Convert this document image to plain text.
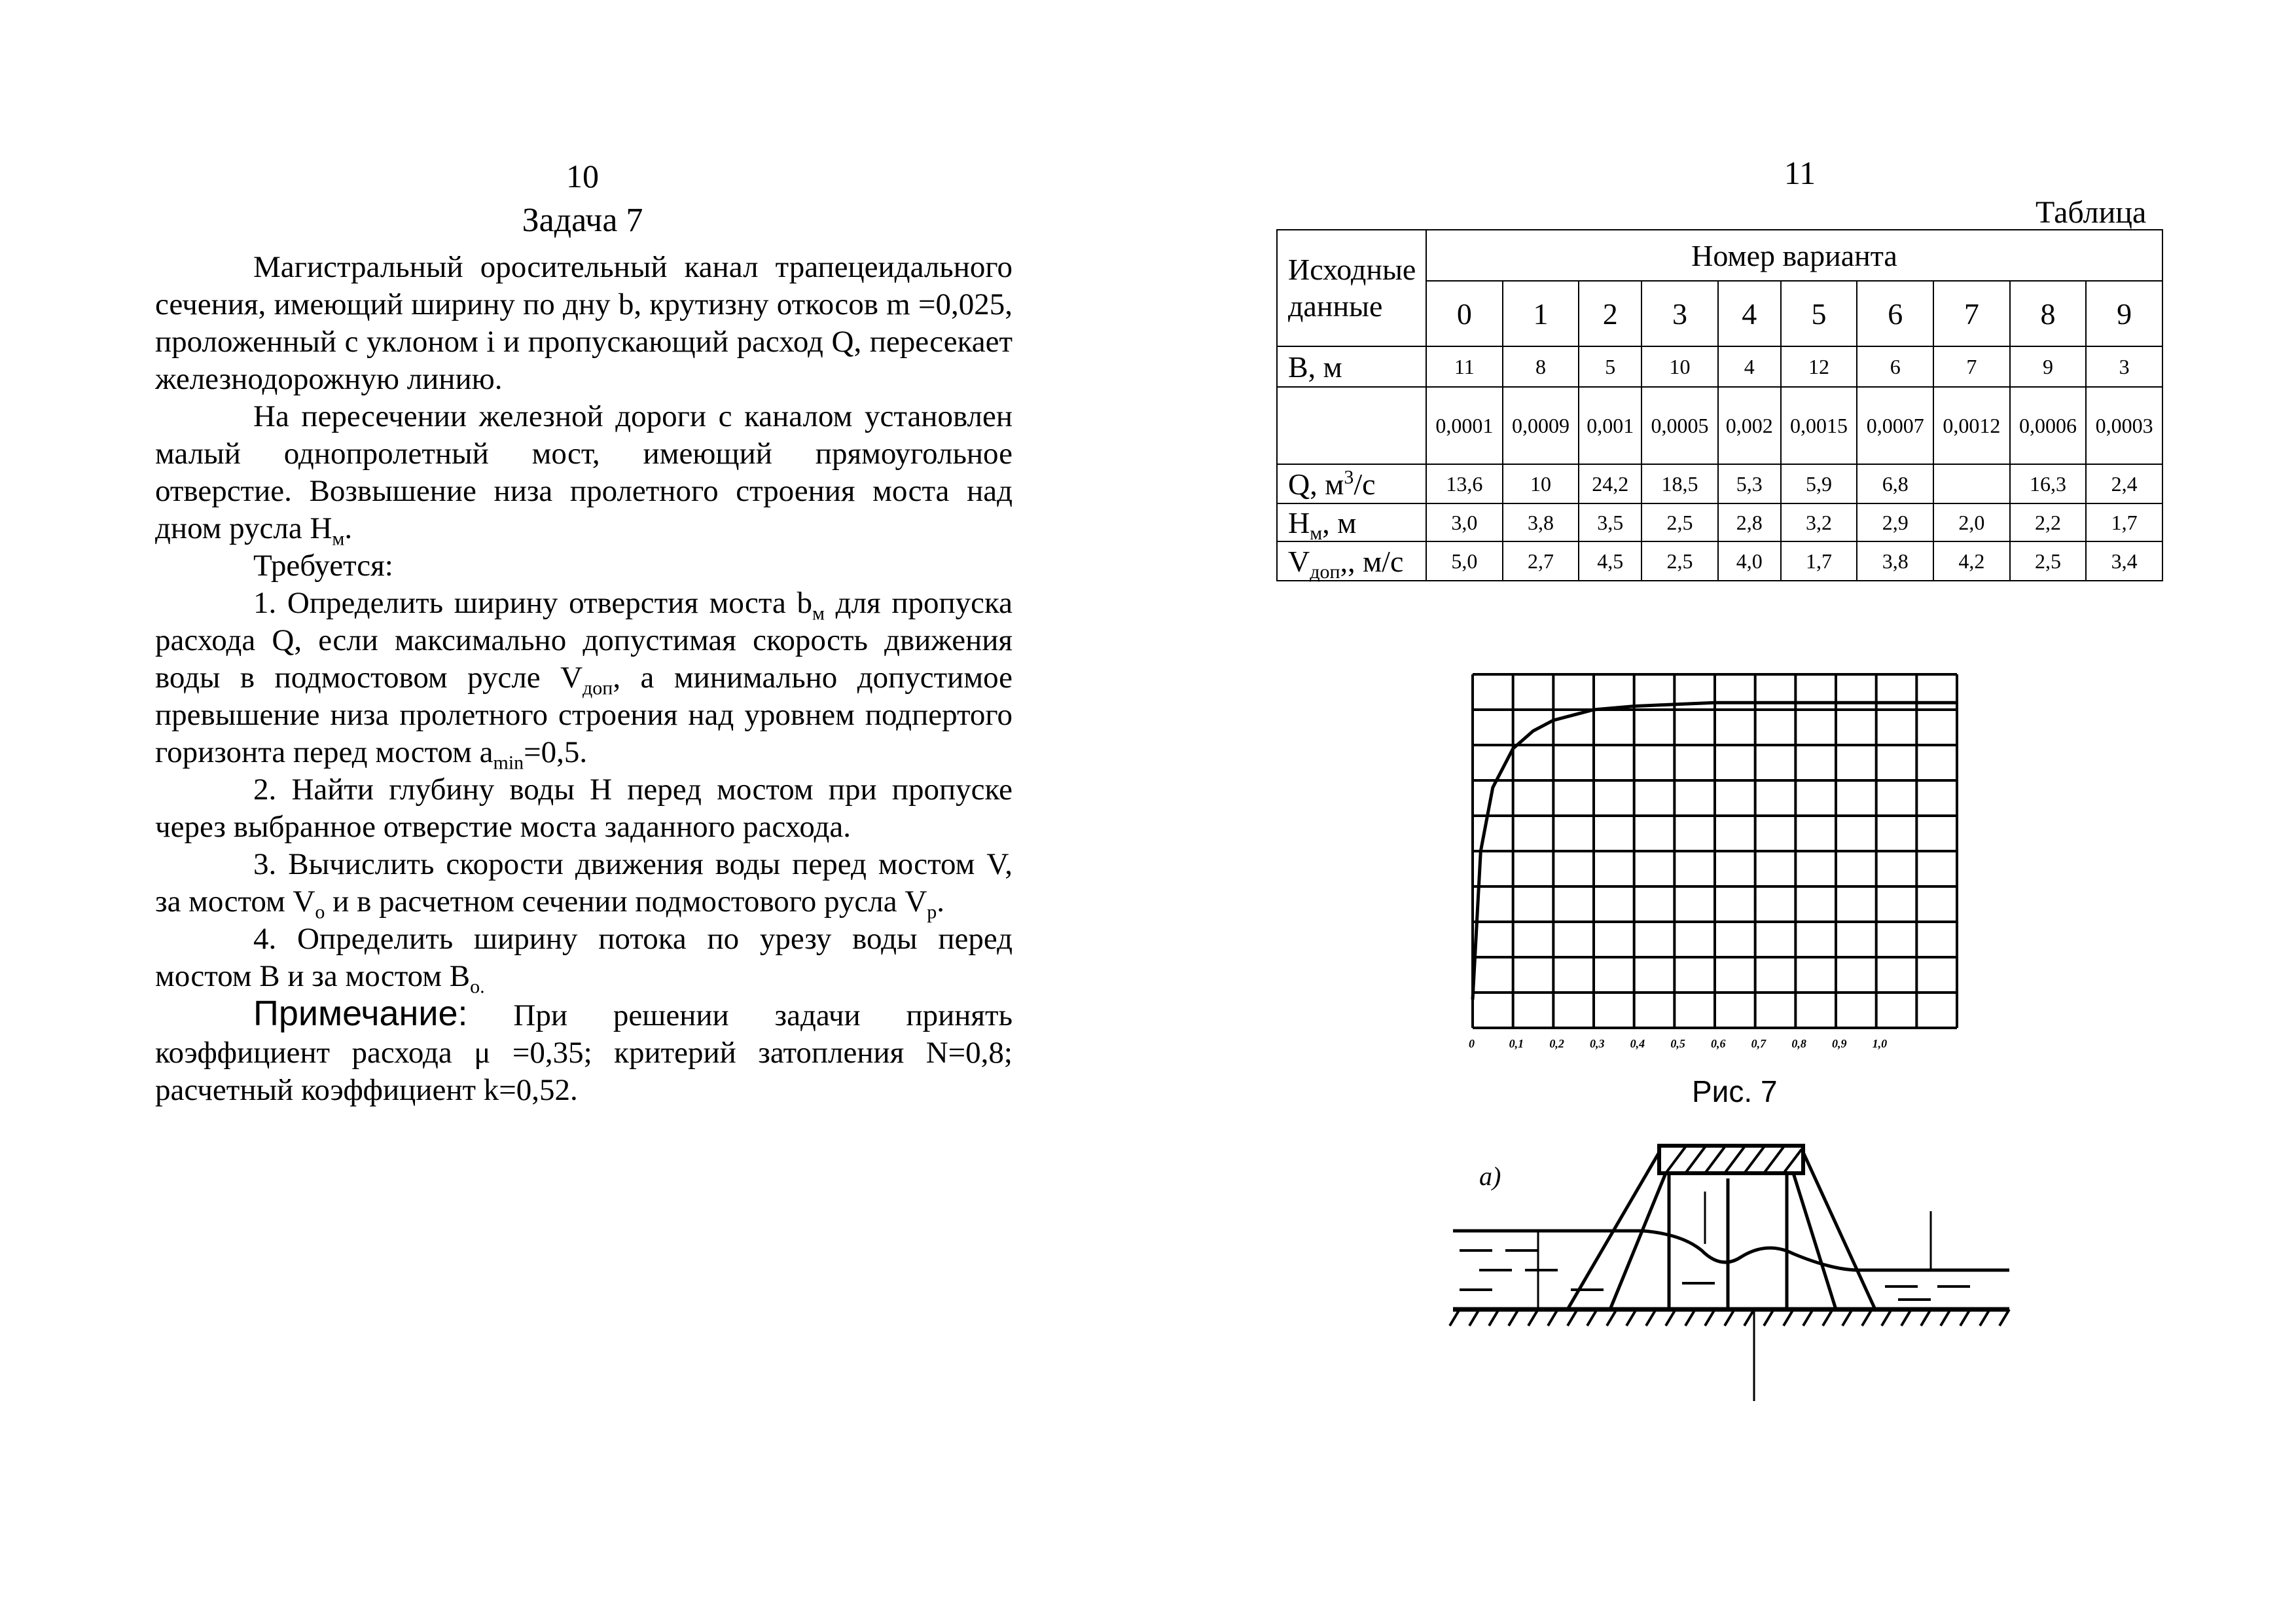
10
Задача 7

Магистральный оросительный канал трапецеидального сечения, имеющий ширину по дну b, крутизну откосов m =0,025, проложенный с уклоном i и пропускающий расход Q, пересекает железнодорожную линию.

На пересечении железной дороги с каналом установлен малый однопролетный мост, имеющий прямоугольное отверстие. Возвышение низа пролетного строения моста над дном русла $H_м$.

Требуется:

1. Определить ширину отверстия моста $b_м$ для пропуска расхода Q, если максимально допустимая скорость движения воды в подмостовом русле $V_{доп}$, а минимально допустимое превышение низа пролетного строения над уровнем подпертого горизонта перед мостом $a_{min}=0,5$.

2. Найти глубину воды H перед мостом при пропуске через выбранное отверстие моста заданного расхода.

3. Вычислить скорости движения воды перед мостом V, за мостом $V_о$ и в расчетном сечении подмостового русла $V_р$.

4. Определить ширину потока по урезу воды перед мостом B и за мостом $B_{о.}$

Примечание: При решении задачи принять коэффициент расхода μ =0,35; критерий затопления N=0,8; расчетный коэффициент k=0,52.

11
Таблица
Исходные данные	Номер варианта									
	0	1	2	3	4	5	6	7	8	9
B, м	11	8	5	10	4	12	6	7	9	3
	0,0001	0,0009	0,001	0,0005	0,002	0,0015	0,0007	0,0012	0,0006	0,0003
Q, $м^3/с$	13,6	10	24,2	18,5	5,3	5,9	6,8		16,3	2,4
$H_м$, м	3,0	3,8	3,5	2,5	2,8	3,2	2,9	2,0	2,2	1,7
$V_{доп}$,, м/с	5,0	2,7	4,5	2,5	4,0	1,7	3,8	4,2	2,5	3,4
0	0,1 0,2 0,3 0,4 0,5 0,6 0,7 0,8 0,9 1,0
Рис. 7
а)
